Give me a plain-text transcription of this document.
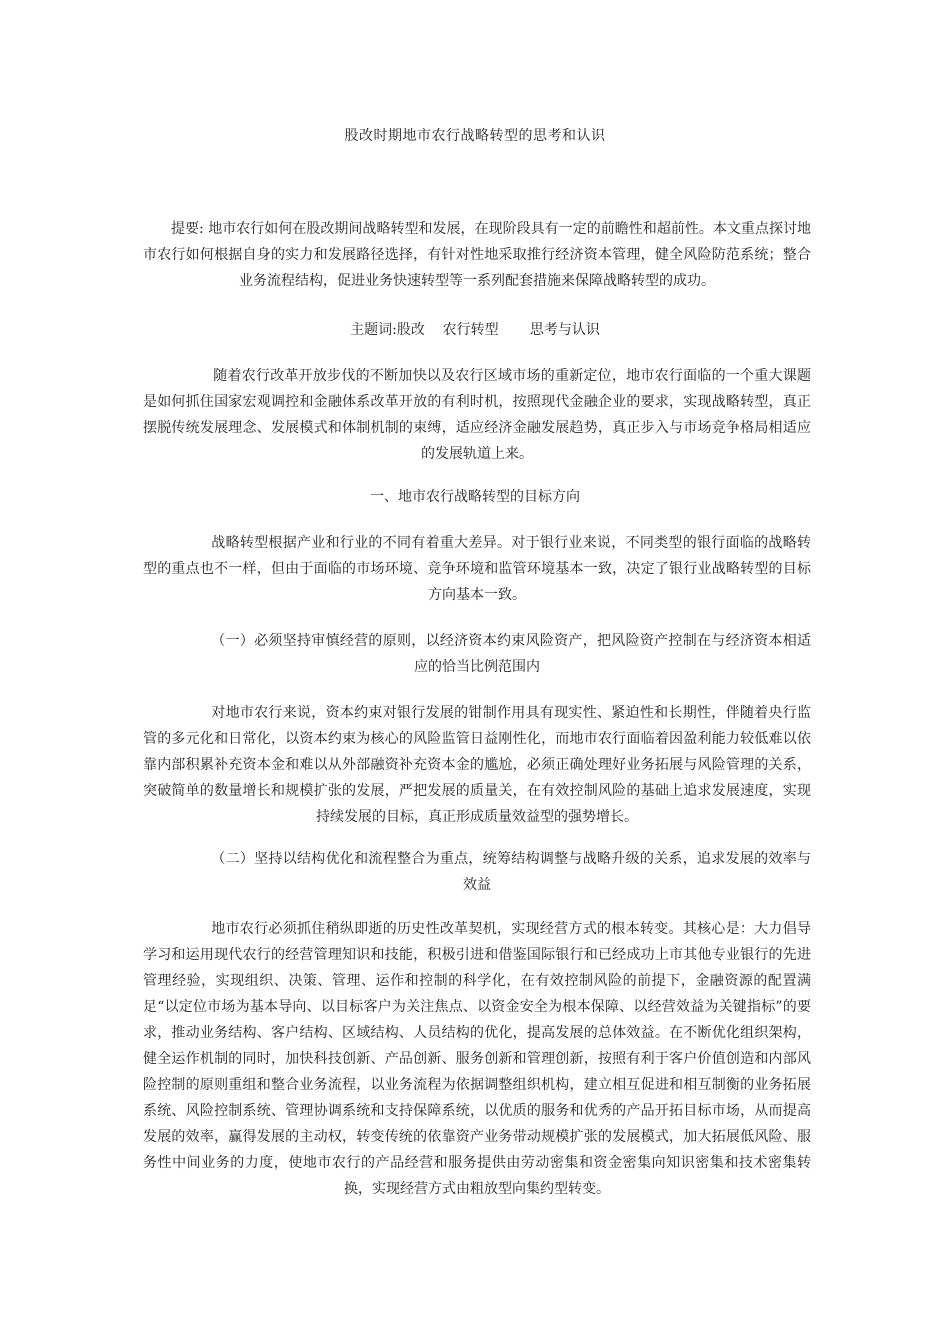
股改时期地市农行战略转型的思考和认识
提要: 地市农行如何在股改期间战略转型和发展，在现阶段具有一定的前瞻性和超前性。本文重点探讨地市农行如何根据自身的实力和发展路径选择，有针对性地采取推行经济资本管理，健全风险防范系统；整合业务流程结构，促进业务快速转型等一系列配套措施来保障战略转型的成功。
主题词:股改    农行转型       思考与认识
随着农行改革开放步伐的不断加快以及农行区域市场的重新定位，地市农行面临的一个重大课题是如何抓住国家宏观调控和金融体系改革开放的有利时机，按照现代金融企业的要求，实现战略转型，真正摆脱传统发展理念、发展模式和体制机制的束缚，适应经济金融发展趋势，真正步入与市场竞争格局相适应的发展轨道上来。
一、地市农行战略转型的目标方向
战略转型根据产业和行业的不同有着重大差异。对于银行业来说，不同类型的银行面临的战略转型的重点也不一样，但由于面临的市场环境、竞争环境和监管环境基本一致，决定了银行业战略转型的目标方向基本一致。
（一）必须坚持审慎经营的原则，以经济资本约束风险资产，把风险资产控制在与经济资本相适应的恰当比例范围内
对地市农行来说，资本约束对银行发展的钳制作用具有现实性、紧迫性和长期性，伴随着央行监管的多元化和日常化，以资本约束为核心的风险监管日益刚性化，而地市农行面临着因盈利能力较低难以依靠内部积累补充资本金和难以从外部融资补充资本金的尴尬，必须正确处理好业务拓展与风险管理的关系，突破简单的数量增长和规模扩张的发展，严把发展的质量关，在有效控制风险的基础上追求发展速度，实现持续发展的目标，真正形成质量效益型的强势增长。
（二）坚持以结构优化和流程整合为重点，统筹结构调整与战略升级的关系，追求发展的效率与效益
地市农行必须抓住稍纵即逝的历史性改革契机，实现经营方式的根本转变。其核心是：大力倡导学习和运用现代农行的经营管理知识和技能，积极引进和借鉴国际银行和已经成功上市其他专业银行的先进管理经验，实现组织、决策、管理、运作和控制的科学化，在有效控制风险的前提下，金融资源的配置满足“以定位市场为基本导向、以目标客户为关注焦点、以资金安全为根本保障、以经营效益为关键指标”的要求，推动业务结构、客户结构、区域结构、人员结构的优化，提高发展的总体效益。在不断优化组织架构，健全运作机制的同时，加快科技创新、产品创新、服务创新和管理创新，按照有利于客户价值创造和内部风险控制的原则重组和整合业务流程，以业务流程为依据调整组织机构，建立相互促进和相互制衡的业务拓展系统、风险控制系统、管理协调系统和支持保障系统，以优质的服务和优秀的产品开拓目标市场，从而提高发展的效率，赢得发展的主动权，转变传统的依靠资产业务带动规模扩张的发展模式，加大拓展低风险、服务性中间业务的力度，使地市农行的产品经营和服务提供由劳动密集和资金密集向知识密集和技术密集转换，实现经营方式由粗放型向集约型转变。
